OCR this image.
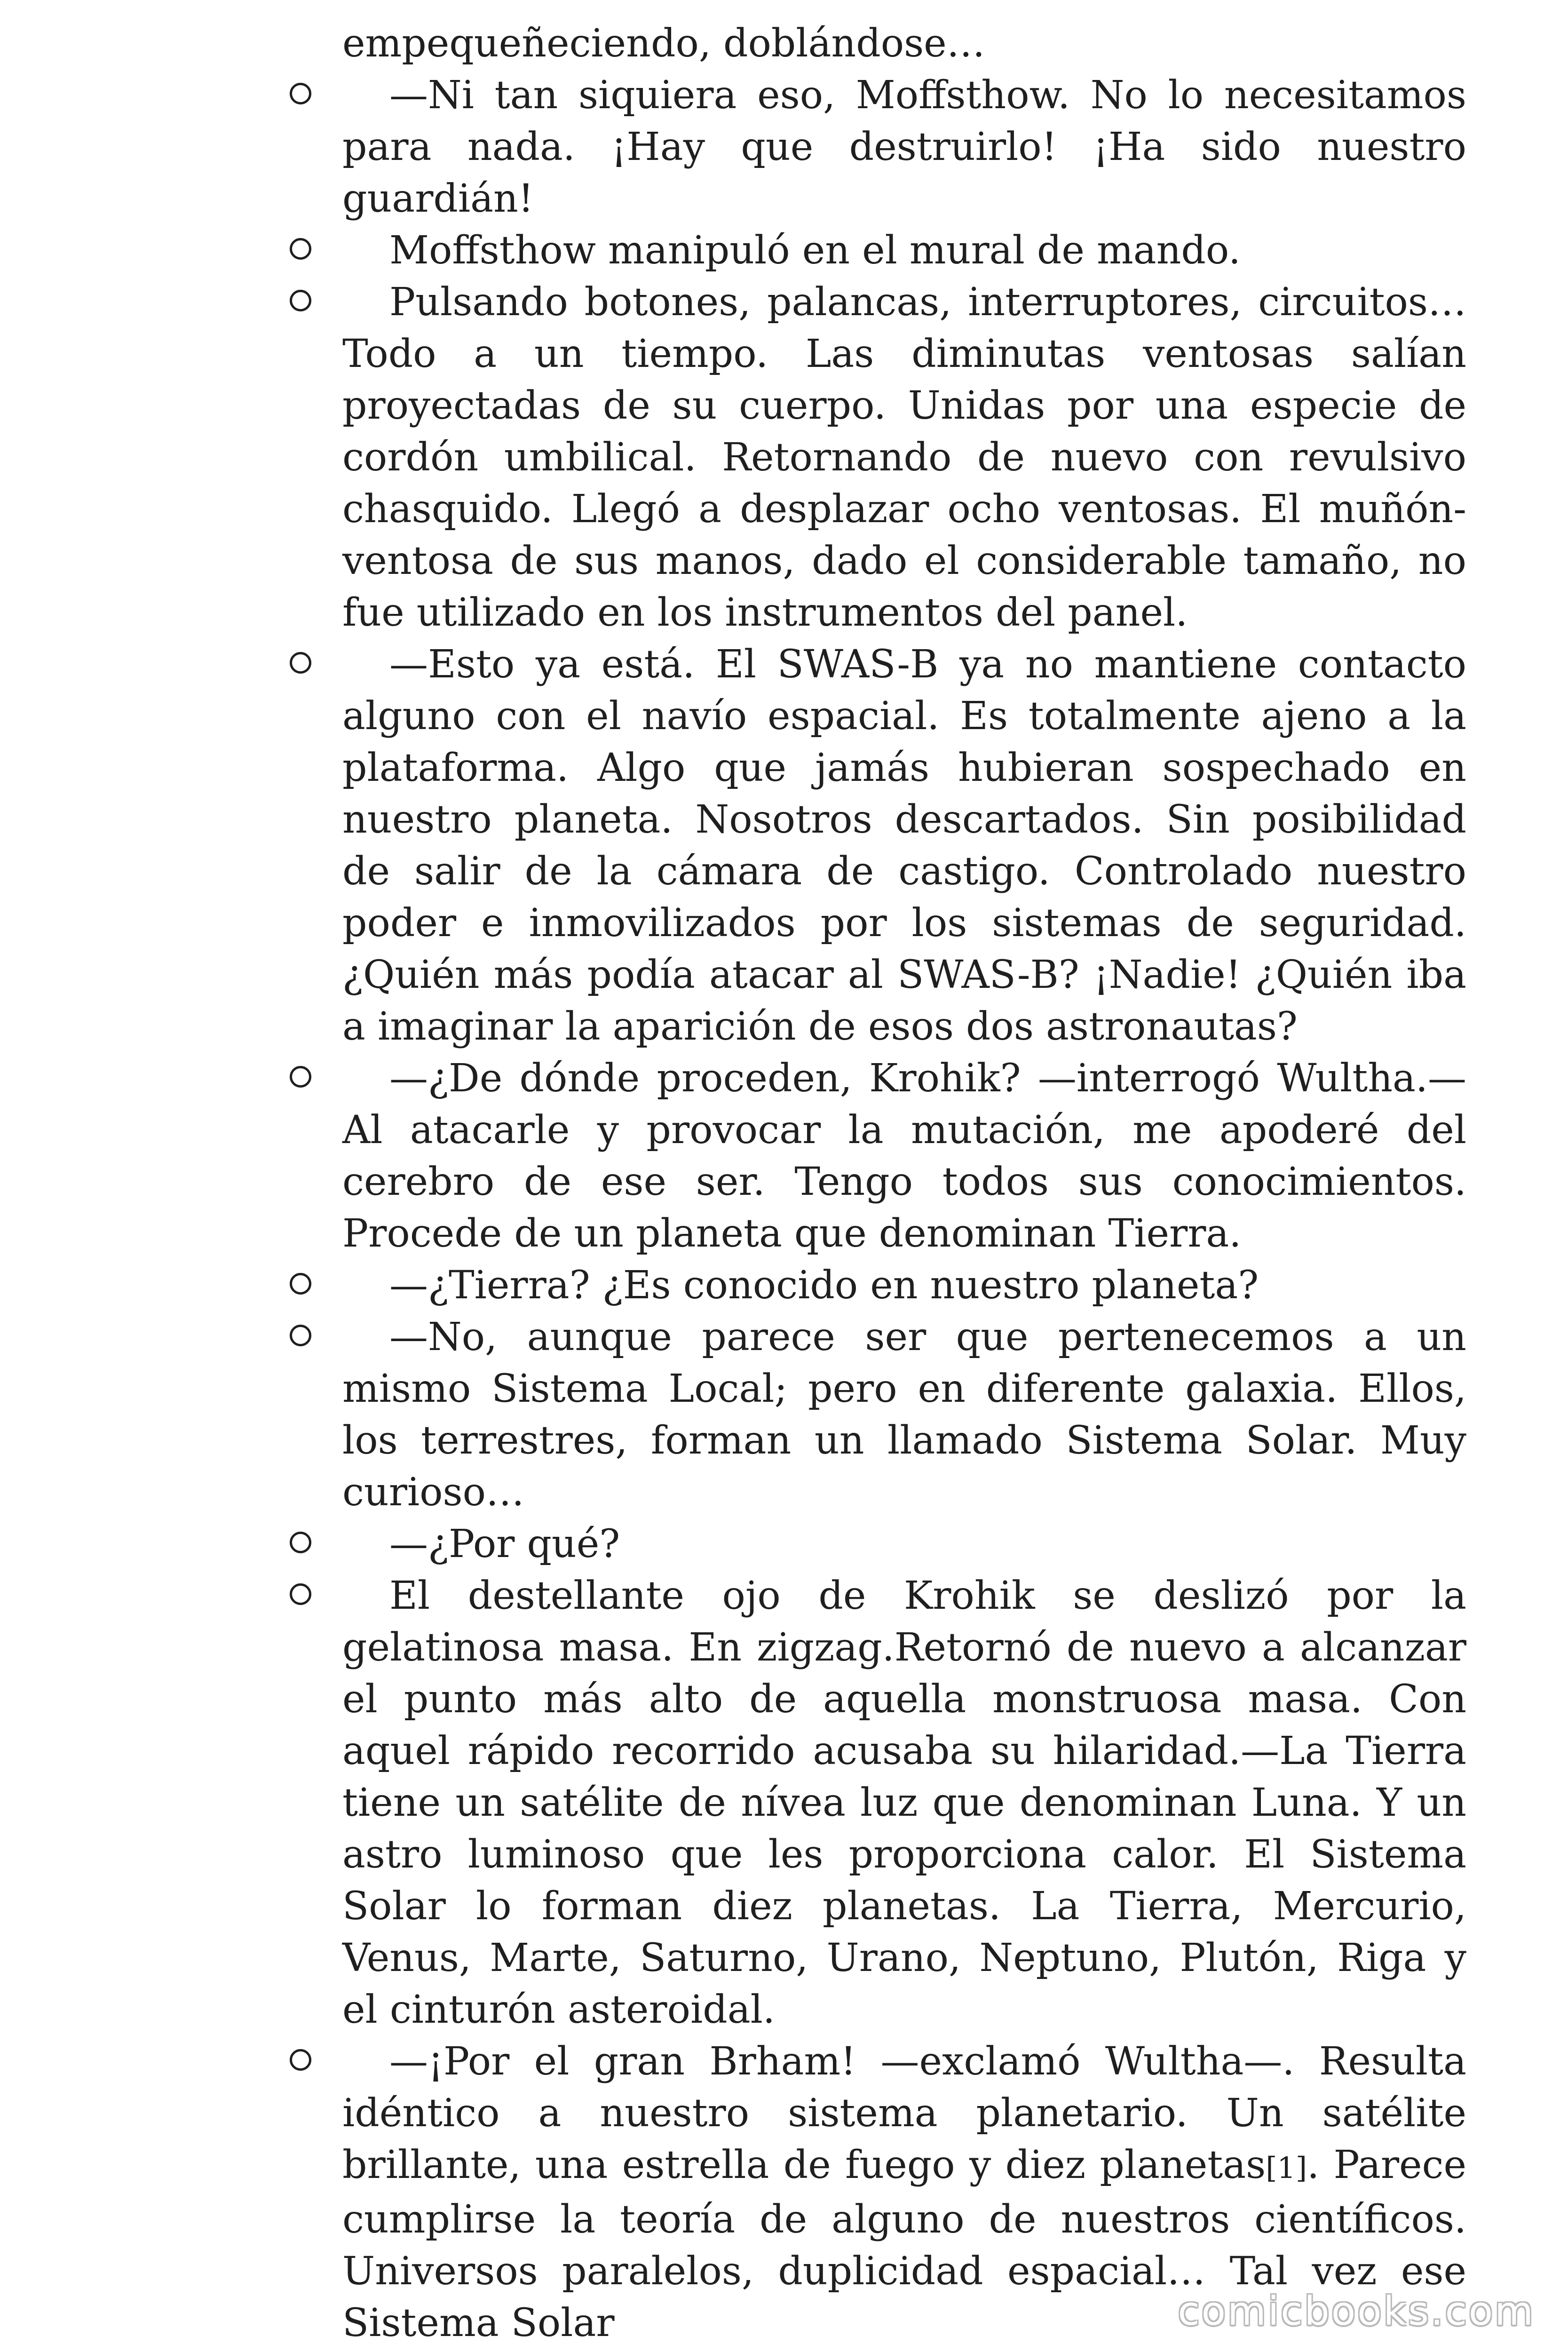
empequeñeciendo, doblándose…

—Ni tan siquiera eso, Moffsthow. No lo necesitamos para nada. ¡Hay que destruirlo! ¡Ha sido nuestro guardián!

Moffsthow manipuló en el mural de mando.

Pulsando botones, palancas, interruptores, circuitos… Todo a un tiempo. Las diminutas ventosas salían proyectadas de su cuerpo. Unidas por una especie de cordón umbilical. Retornando de nuevo con revulsivo chasquido. Llegó a desplazar ocho ventosas. El muñón-ventosa de sus manos, dado el considerable tamaño, no fue utilizado en los instrumentos del panel.

—Esto ya está. El SWAS-B ya no mantiene contacto alguno con el navío espacial. Es totalmente ajeno a la plataforma. Algo que jamás hubieran sospechado en nuestro planeta. Nosotros descartados. Sin posibilidad de salir de la cámara de castigo. Controlado nuestro poder e inmovilizados por los sistemas de seguridad. ¿Quién más podía atacar al SWAS-B? ¡Nadie! ¿Quién iba a imaginar la aparición de esos dos astronautas?

—¿De dónde proceden, Krohik? —interrogó Wultha.— Al atacarle y provocar la mutación, me apoderé del cerebro de ese ser. Tengo todos sus conocimientos. Procede de un planeta que denominan Tierra.

—¿Tierra? ¿Es conocido en nuestro planeta?

—No, aunque parece ser que pertenecemos a un mismo Sistema Local; pero en diferente galaxia. Ellos, los terrestres, forman un llamado Sistema Solar. Muy curioso…

—¿Por qué?

El destellante ojo de Krohik se deslizó por la gelatinosa masa. En zigzag.Retornó de nuevo a alcanzar el punto más alto de aquella monstruosa masa. Con aquel rápido recorrido acusaba su hilaridad.—La Tierra tiene un satélite de nívea luz que denominan Luna. Y un astro luminoso que les proporciona calor. El Sistema Solar lo forman diez planetas. La Tierra, Mercurio, Venus, Marte, Saturno, Urano, Neptuno, Plutón, Riga y el cinturón asteroidal.

—¡Por el gran Brham! —exclamó Wultha—. Resulta idéntico a nuestro sistema planetario. Un satélite brillante, una estrella de fuego y diez planetas[1]. Parece cumplirse la teoría de alguno de nuestros científicos. Universos paralelos, duplicidad espacial… Tal vez ese Sistema Solar	comicbooks.com
